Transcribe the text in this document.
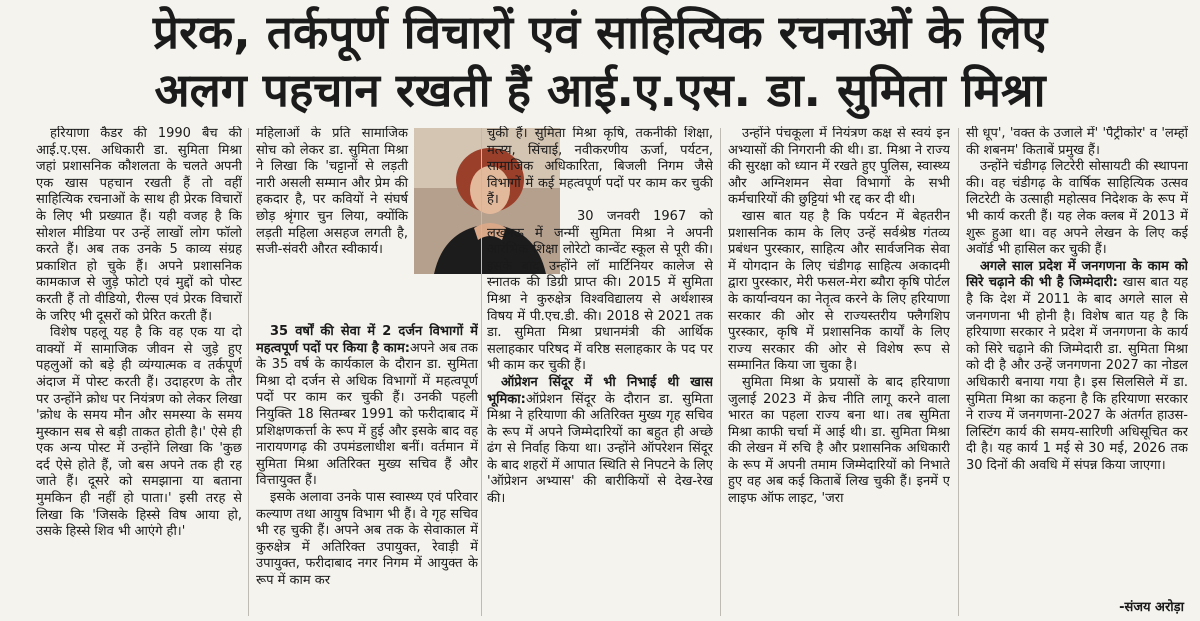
प्रेरक, तर्कपूर्ण विचारों एवं साहित्यिक रचनाओं के लिए
अलग पहचान रखती हैं आई.ए.एस. डा. सुमिता मिश्रा

हरियाणा कैडर की 1990 बैच की आई.ए.एस. अधिकारी डा. सुमिता मिश्रा जहां प्रशासनिक कौशलता के चलते अपनी एक खास पहचान रखती हैं तो वहीं साहित्यिक रचनाओं के साथ ही प्रेरक विचारों के लिए भी प्रख्यात हैं। यही वजह है कि सोशल मीडिया पर उन्हें लाखों लोग फॉलो करते हैं। अब तक उनके 5 काव्य संग्रह प्रकाशित हो चुके हैं। अपने प्रशासनिक कामकाज से जुड़े फोटो एवं मुद्दों को पोस्ट करती हैं तो वीडियो, रील्स एवं प्रेरक विचारों के जरिए भी दूसरों को प्रेरित करती हैं।

विशेष पहलू यह है कि वह एक या दो वाक्यों में सामाजिक जीवन से जुड़े हुए पहलुओं को बड़े ही व्यंग्यात्मक व तर्कपूर्ण अंदाज में पोस्ट करती हैं। उदाहरण के तौर पर उन्होंने क्रोध पर नियंत्रण को लेकर लिखा 'क्रोध के समय मौन और समस्या के समय मुस्कान सब से बड़ी ताकत होती है।' ऐसे ही एक अन्य पोस्ट में उन्होंने लिखा कि 'कुछ दर्द ऐसे होते हैं, जो बस अपने तक ही रह जाते हैं। दूसरे को समझाना या बताना मुमकिन ही नहीं हो पाता।' इसी तरह से लिखा कि 'जिसके हिस्से विष आया हो, उसके हिस्से शिव भी आएंगे ही।'

महिलाओं के प्रति सामाजिक सोच को लेकर डा. सुमिता मिश्रा ने लिखा कि 'चट्टानों से लड़ती नारी असली सम्मान और प्रेम की हकदार है, पर कवियों ने संघर्ष छोड़ श्रृंगार चुन लिया, क्योंकि लड़ती महिला असहज लगती है, सजी-संवरी औरत स्वीकार्य।

35 वर्षों की सेवा में 2 दर्जन विभागों में महत्वपूर्ण पदों पर किया है काम:अपने अब तक के 35 वर्ष के कार्यकाल के दौरान डा. सुमिता मिश्रा दो दर्जन से अधिक विभागों में महत्वपूर्ण पदों पर काम कर चुकी हैं। उनकी पहली नियुक्ति 18 सितम्बर 1991 को फरीदाबाद में प्रशिक्षणकर्त्ता के रूप में हुई और इसके बाद वह नारायणगढ़ की उपमंडलाधीश बनीं। वर्तमान में सुमिता मिश्रा अतिरिक्त मुख्य सचिव हैं और वित्तायुक्त हैं।

इसके अलावा उनके पास स्वास्थ्य एवं परिवार कल्याण तथा आयुष विभाग भी हैं। वे गृह सचिव भी रह चुकी हैं। अपने अब तक के सेवाकाल में कुरुक्षेत्र में अतिरिक्त उपायुक्त, रेवाड़ी में उपायुक्त, फरीदाबाद नगर निगम में आयुक्त के रूप में काम कर

चुकी हैं। सुमिता मिश्रा कृषि, तकनीकी शिक्षा, मत्स्य, सिंचाई, नवीकरणीय ऊर्जा, पर्यटन, सामाजिक अधिकारिता, बिजली निगम जैसे विभागों में कई महत्वपूर्ण पदों पर काम कर चुकी हैं।

30 जनवरी 1967 को लखनऊ में जन्मीं सुमिता मिश्रा ने अपनी आरंभिक शिक्षा लोरेटो कान्वेंट स्कूल से पूरी की। इसके बाद उन्होंने लॉ मार्टिनियर कालेज से स्नातक की डिग्री प्राप्त की। 2015 में सुमिता मिश्रा ने कुरुक्षेत्र विश्वविद्यालय से अर्थशास्त्र विषय में पी.एच.डी. की। 2018 से 2021 तक डा. सुमिता मिश्रा प्रधानमंत्री की आर्थिक सलाहकार परिषद में वरिष्ठ सलाहकार के पद पर भी काम कर चुकी हैं।

ऑप्रेशन सिंदूर में भी निभाई थी खास भूमिका:ऑप्रेशन सिंदूर के दौरान डा. सुमिता मिश्रा ने हरियाणा की अतिरिक्त मुख्य गृह सचिव के रूप में अपने जिम्मेदारियों का बहुत ही अच्छे ढंग से निर्वाह किया था। उन्होंने ऑपरेशन सिंदूर के बाद शहरों में आपात स्थिति से निपटने के लिए 'ऑप्रेशन अभ्यास' की बारीकियों से देख-रेख की।

उन्होंने पंचकूला में नियंत्रण कक्ष से स्वयं इन अभ्यासों की निगरानी की थी। डा. मिश्रा ने राज्य की सुरक्षा को ध्यान में रखते हुए पुलिस, स्वास्थ्य और अग्निशमन सेवा विभागों के सभी कर्मचारियों की छुट्टियां भी रद्द कर दी थी।

खास बात यह है कि पर्यटन में बेहतरीन प्रशासनिक काम के लिए उन्हें सर्वश्रेष्ठ गंतव्य प्रबंधन पुरस्कार, साहित्य और सार्वजनिक सेवा में योगदान के लिए चंडीगढ़ साहित्य अकादमी द्वारा पुरस्कार, मेरी फसल-मेरा ब्यौरा कृषि पोर्टल के कार्यान्वयन का नेतृत्व करने के लिए हरियाणा सरकार की ओर से राज्यस्तरीय फ्लैगशिप पुरस्कार, कृषि में प्रशासनिक कार्यों के लिए राज्य सरकार की ओर से विशेष रूप से सम्मानित किया जा चुका है।

सुमिता मिश्रा के प्रयासों के बाद हरियाणा जुलाई 2023 में क्रेच नीति लागू करने वाला भारत का पहला राज्य बना था। तब सुमिता मिश्रा काफी चर्चा में आई थी। डा. सुमिता मिश्रा की लेखन में रुचि है और प्रशासनिक अधिकारी के रूप में अपनी तमाम जिम्मेदारियों को निभाते हुए वह अब कई किताबें लिख चुकी हैं। इनमें ए लाइफ ऑफ लाइट, 'जरा

सी धूप', 'वक्त के उजाले में' 'पैट्रीकोर' व 'लम्हों की शबनम' किताबें प्रमुख हैं।

उन्होंने चंडीगढ़ लिटरेरी सोसायटी की स्थापना की। वह चंडीगढ़ के वार्षिक साहित्यिक उत्सव लिटरेटी के उत्साही महोत्सव निदेशक के रूप में भी कार्य करती हैं। यह लेक क्लब में 2013 में शुरू हुआ था। वह अपने लेखन के लिए कई अवॉर्ड भी हासिल कर चुकी हैं।

अगले साल प्रदेश में जनगणना के काम को सिरे चढ़ाने की भी है जिम्मेदारी: खास बात यह है कि देश में 2011 के बाद अगले साल से जनगणना भी होनी है। विशेष बात यह है कि हरियाणा सरकार ने प्रदेश में जनगणना के कार्य को सिरे चढ़ाने की जिम्मेदारी डा. सुमिता मिश्रा को दी है और उन्हें जनगणना 2027 का नोडल अधिकारी बनाया गया है। इस सिलसिले में डा. सुमिता मिश्रा का कहना है कि हरियाणा सरकार ने राज्य में जनगणना-2027 के अंतर्गत हाउस-लिस्टिंग कार्य की समय-सारिणी अधिसूचित कर दी है। यह कार्य 1 मई से 30 मई, 2026 तक 30 दिनों की अवधि में संपन्न किया जाएगा।

-संजय अरोड़ा
